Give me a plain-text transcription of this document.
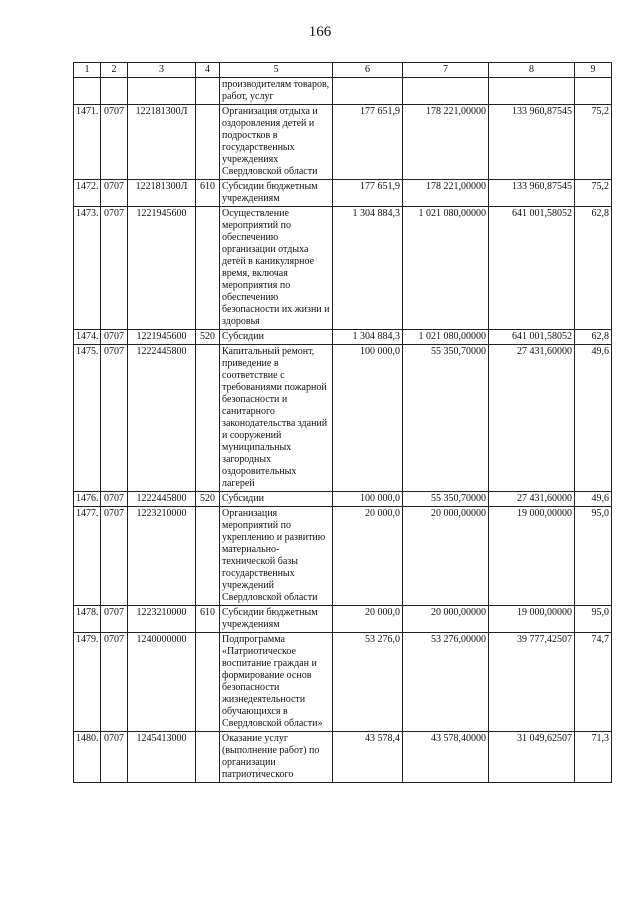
166
1	2	3	4	5	6	7	8	9
				производителям товаров, работ, услуг				
1471.	0707	122181300Л		Организация отдыха и оздоровления детей и подростков в государственных учреждениях Свердловской области	177 651,9	178 221,00000	133 960,87545	75,2
1472.	0707	122181300Л	610	Субсидии бюджетным учреждениям	177 651,9	178 221,00000	133 960,87545	75,2
1473.	0707	1221945600		Осуществление мероприятий по обеспечению организации отдыха детей в каникулярное время, включая мероприятия по обеспечению безопасности их жизни и здоровья	1 304 884,3	1 021 080,00000	641 001,58052	62,8
1474.	0707	1221945600	520	Субсидии	1 304 884,3	1 021 080,00000	641 001,58052	62,8
1475.	0707	1222445800		Капитальный ремонт, приведение в соответствие с требованиями пожарной безопасности и санитарного законодательства зданий и сооружений муниципальных загородных оздоровительных лагерей	100 000,0	55 350,70000	27 431,60000	49,6
1476.	0707	1222445800	520	Субсидии	100 000,0	55 350,70000	27 431,60000	49,6
1477.	0707	1223210000		Организация мероприятий по укреплению и развитию материально-технической базы государственных учреждений Свердловской области	20 000,0	20 000,00000	19 000,00000	95,0
1478.	0707	1223210000	610	Субсидии бюджетным учреждениям	20 000,0	20 000,00000	19 000,00000	95,0
1479.	0707	1240000000		Подпрограмма «Патриотическое воспитание граждан и формирование основ безопасности жизнедеятельности обучающихся в Свердловской области»	53 276,0	53 276,00000	39 777,42507	74,7
1480.	0707	1245413000		Оказание услуг (выполнение работ) по организации патриотического	43 578,4	43 578,40000	31 049,62507	71,3
